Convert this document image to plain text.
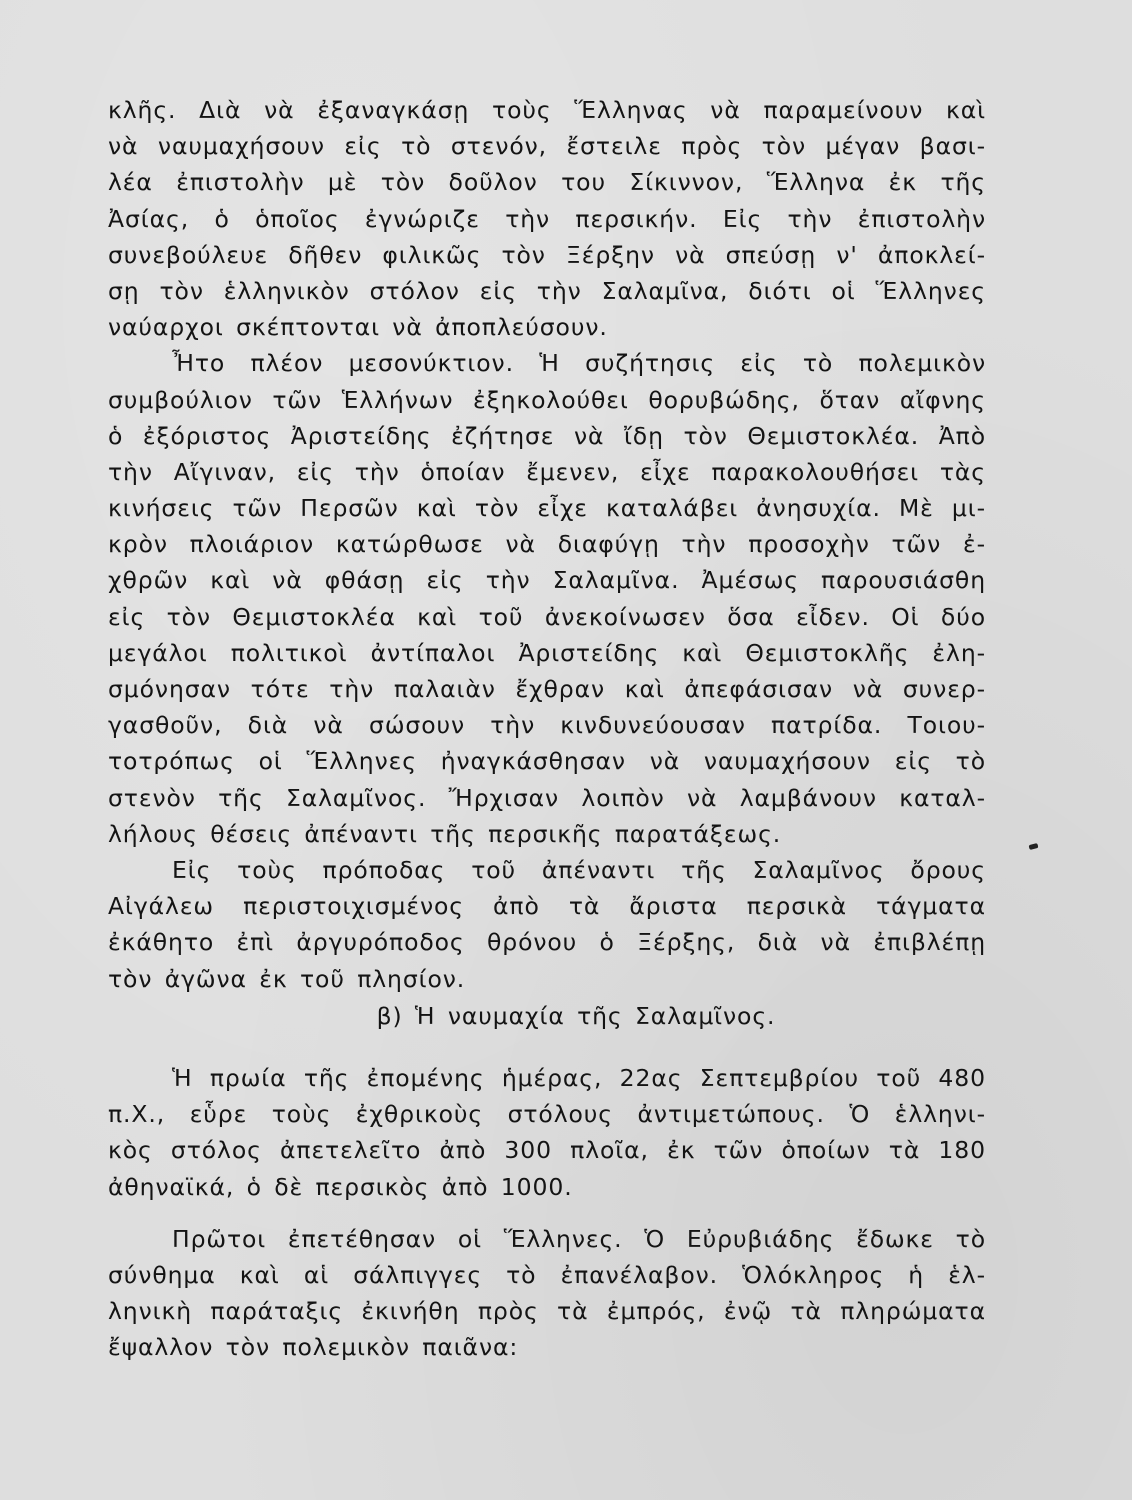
κλῆς. Διὰ νὰ ἐξαναγκάσῃ τοὺς Ἕλληνας νὰ παραμείνουν καὶ
νὰ ναυμαχήσουν εἰς τὸ στενόν, ἔστειλε πρὸς τὸν μέγαν βασι-
λέα ἐπιστολὴν μὲ τὸν δοῦλον του Σίκιννον, Ἕλληνα ἐκ τῆς
Ἀσίας, ὁ ὁποῖος ἐγνώριζε τὴν περσικήν. Εἰς τὴν ἐπιστολὴν
συνεβούλευε δῆθεν φιλικῶς τὸν Ξέρξην νὰ σπεύσῃ ν' ἀποκλεί-
σῃ τὸν ἑλληνικὸν στόλον εἰς τὴν Σαλαμῖνα, διότι οἱ Ἕλληνες
ναύαρχοι σκέπτονται νὰ ἀποπλεύσουν.

Ἦτο πλέον μεσονύκτιον. Ἡ συζήτησις εἰς τὸ πολεμικὸν
συμβούλιον τῶν Ἑλλήνων ἐξηκολούθει θορυβώδης, ὅταν αἴφνης
ὁ ἐξόριστος Ἀριστείδης ἐζήτησε νὰ ἴδῃ τὸν Θεμιστοκλέα. Ἀπὸ
τὴν Αἴγιναν, εἰς τὴν ὁποίαν ἔμενεν, εἶχε παρακολουθήσει τὰς
κινήσεις τῶν Περσῶν καὶ τὸν εἶχε καταλάβει ἀνησυχία. Μὲ μι-
κρὸν πλοιάριον κατώρθωσε νὰ διαφύγῃ τὴν προσοχὴν τῶν ἐ-
χθρῶν καὶ νὰ φθάσῃ εἰς τὴν Σαλαμῖνα. Ἀμέσως παρουσιάσθη
εἰς τὸν Θεμιστοκλέα καὶ τοῦ ἀνεκοίνωσεν ὅσα εἶδεν. Οἱ δύο
μεγάλοι πολιτικοὶ ἀντίπαλοι Ἀριστείδης καὶ Θεμιστοκλῆς ἐλη-
σμόνησαν τότε τὴν παλαιὰν ἔχθραν καὶ ἀπεφάσισαν νὰ συνερ-
γασθοῦν, διὰ νὰ σώσουν τὴν κινδυνεύουσαν πατρίδα. Τοιου-
τοτρόπως οἱ Ἕλληνες ἠναγκάσθησαν νὰ ναυμαχήσουν εἰς τὸ
στενὸν τῆς Σαλαμῖνος. Ἤρχισαν λοιπὸν νὰ λαμβάνουν καταλ-
λήλους θέσεις ἀπέναντι τῆς περσικῆς παρατάξεως.

Εἰς τοὺς πρόποδας τοῦ ἀπέναντι τῆς Σαλαμῖνος ὄρους
Αἰγάλεω περιστοιχισμένος ἀπὸ τὰ ἄριστα περσικὰ τάγματα
ἐκάθητο ἐπὶ ἀργυρόποδος θρόνου ὁ Ξέρξης, διὰ νὰ ἐπιβλέπῃ
τὸν ἀγῶνα ἐκ τοῦ πλησίον.

β) Ἡ ναυμαχία τῆς Σαλαμῖνος.

Ἡ πρωία τῆς ἐπομένης ἡμέρας, 22ας Σεπτεμβρίου τοῦ 480
π.Χ., εὗρε τοὺς ἐχθρικοὺς στόλους ἀντιμετώπους. Ὁ ἑλληνι-
κὸς στόλος ἀπετελεῖτο ἀπὸ 300 πλοῖα, ἐκ τῶν ὁποίων τὰ 180
ἀθηναϊκά, ὁ δὲ περσικὸς ἀπὸ 1000.

Πρῶτοι ἐπετέθησαν οἱ Ἕλληνες. Ὁ Εὐρυβιάδης ἔδωκε τὸ
σύνθημα καὶ αἱ σάλπιγγες τὸ ἐπανέλαβον. Ὁλόκληρος ἡ ἑλ-
ληνικὴ παράταξις ἐκινήθη πρὸς τὰ ἐμπρός, ἐνῷ τὰ πληρώματα
ἔψαλλον τὸν πολεμικὸν παιᾶνα:
